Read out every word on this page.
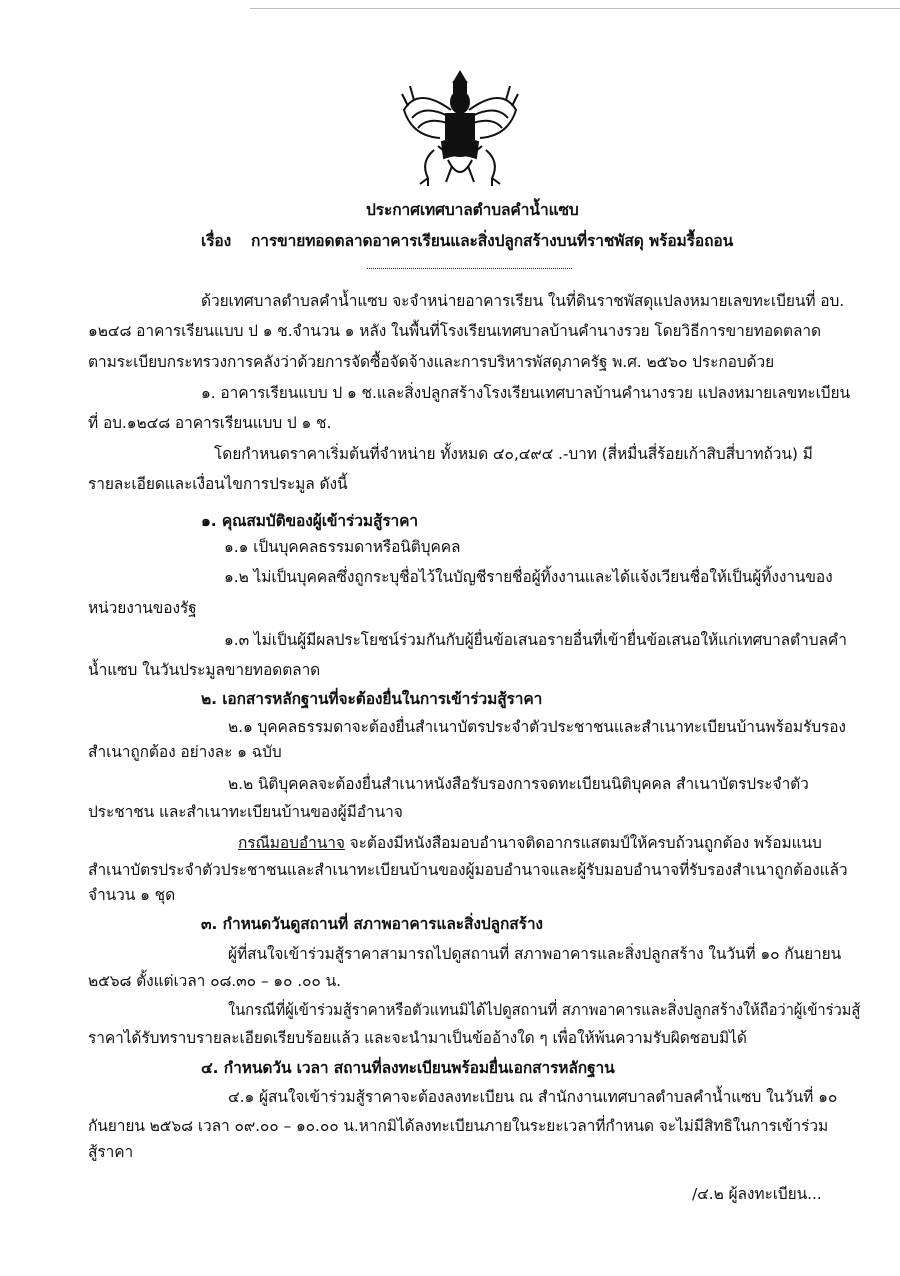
ประกาศเทศบาลตำบลคำน้ำแซบ
เรื่อง การขายทอดตลาดอาคารเรียนและสิ่งปลูกสร้างบนที่ราชพัสดุ พร้อมรื้อถอน
ด้วยเทศบาลตำบลคำน้ำแซบ จะจำหน่ายอาคารเรียน ในที่ดินราชพัสดุแปลงหมายเลขทะเบียนที่ อบ.
๑๒๔๘ อาคารเรียนแบบ ป ๑ ช.จำนวน ๑ หลัง ในพื้นที่โรงเรียนเทศบาลบ้านคำนางรวย โดยวิธีการขายทอดตลาด
ตามระเบียบกระทรวงการคลังว่าด้วยการจัดซื้อจัดจ้างและการบริหารพัสดุภาครัฐ พ.ศ. ๒๕๖๐ ประกอบด้วย
๑. อาคารเรียนแบบ ป ๑ ช.และสิ่งปลูกสร้างโรงเรียนเทศบาลบ้านคำนางรวย แปลงหมายเลขทะเบียน
ที่ อบ.๑๒๔๘ อาคารเรียนแบบ ป ๑ ช.
โดยกำหนดราคาเริ่มต้นที่จำหน่าย ทั้งหมด ๔๐,๔๙๔ .-บาท (สี่หมื่นสี่ร้อยเก้าสิบสี่บาทถ้วน) มี
รายละเอียดและเงื่อนไขการประมูล ดังนี้
๑. คุณสมบัติของผู้เข้าร่วมสู้ราคา
๑.๑ เป็นบุคคลธรรมดาหรือนิติบุคคล
๑.๒ ไม่เป็นบุคคลซึ่งถูกระบุชื่อไว้ในบัญชีรายชื่อผู้ทิ้งงานและได้แจ้งเวียนชื่อให้เป็นผู้ทิ้งงานของ
หน่วยงานของรัฐ
๑.๓ ไม่เป็นผู้มีผลประโยชน์ร่วมกันกับผู้ยื่นข้อเสนอรายอื่นที่เข้ายื่นข้อเสนอให้แก่เทศบาลตำบลคำ
น้ำแซบ ในวันประมูลขายทอดตลาด
๒. เอกสารหลักฐานที่จะต้องยื่นในการเข้าร่วมสู้ราคา
๒.๑ บุคคลธรรมดาจะต้องยื่นสำเนาบัตรประจำตัวประชาชนและสำเนาทะเบียนบ้านพร้อมรับรอง
สำเนาถูกต้อง อย่างละ ๑ ฉบับ
๒.๒ นิติบุคคลจะต้องยื่นสำเนาหนังสือรับรองการจดทะเบียนนิติบุคคล สำเนาบัตรประจำตัว
ประชาชน และสำเนาทะเบียนบ้านของผู้มีอำนาจ
กรณีมอบอำนาจ จะต้องมีหนังสือมอบอำนาจติดอากรแสตมป์ให้ครบถ้วนถูกต้อง พร้อมแนบ
สำเนาบัตรประจำตัวประชาชนและสำเนาทะเบียนบ้านของผู้มอบอำนาจและผู้รับมอบอำนาจที่รับรองสำเนาถูกต้องแล้ว
จำนวน ๑ ชุด
๓. กำหนดวันดูสถานที่ สภาพอาคารและสิ่งปลูกสร้าง
ผู้ที่สนใจเข้าร่วมสู้ราคาสามารถไปดูสถานที่ สภาพอาคารและสิ่งปลูกสร้าง ในวันที่ ๑๐ กันยายน
๒๕๖๘ ตั้งแต่เวลา ๐๘.๓๐ – ๑๐ .๐๐ น.
ในกรณีที่ผู้เข้าร่วมสู้ราคาหรือตัวแทนมิได้ไปดูสถานที่ สภาพอาคารและสิ่งปลูกสร้างให้ถือว่าผู้เข้าร่วมสู้
ราคาได้รับทราบรายละเอียดเรียบร้อยแล้ว และจะนำมาเป็นข้ออ้างใด ๆ เพื่อให้พ้นความรับผิดชอบมิได้
๔. กำหนดวัน เวลา สถานที่ลงทะเบียนพร้อมยื่นเอกสารหลักฐาน
๔.๑ ผู้สนใจเข้าร่วมสู้ราคาจะต้องลงทะเบียน ณ สำนักงานเทศบาลตำบลคำน้ำแซบ ในวันที่ ๑๐
กันยายน ๒๕๖๘ เวลา ๐๙.๐๐ – ๑๐.๐๐ น.หากมิได้ลงทะเบียนภายในระยะเวลาที่กำหนด จะไม่มีสิทธิในการเข้าร่วม
สู้ราคา
/๔.๒ ผู้ลงทะเบียน...
